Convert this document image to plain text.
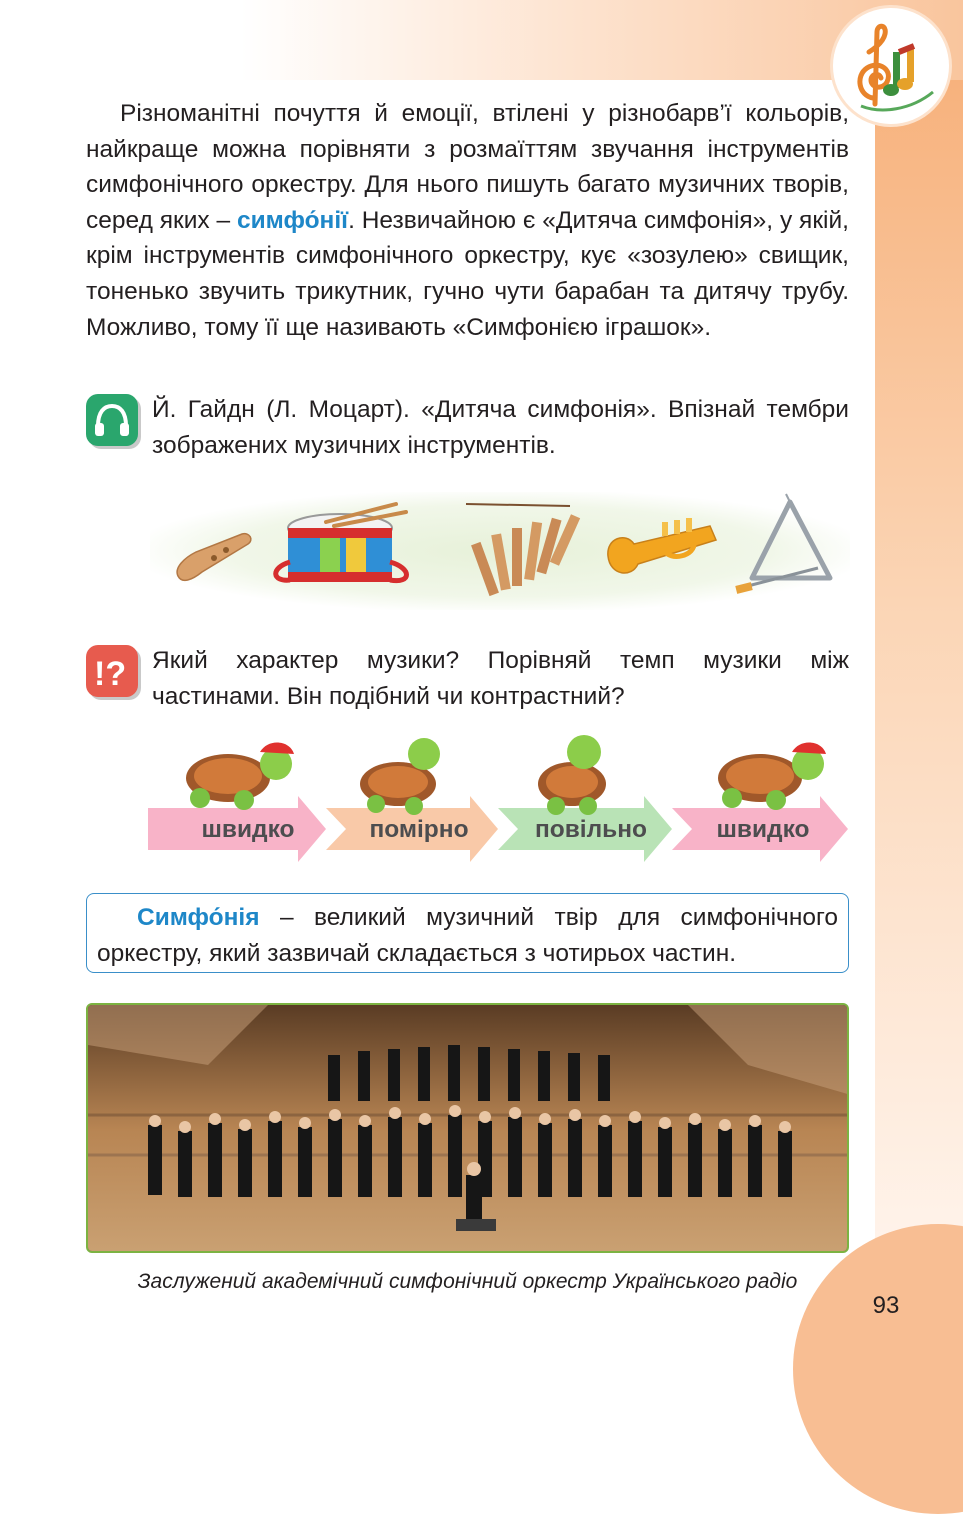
Різноманітні почуття й емоції, втілені у різнобарв’ї кольорів, найкраще можна порівняти з розмаїттям звучання інструментів симфонічного оркестру. Для нього пишуть багато музичних творів, серед яких – симфо́нії. Незвичайною є «Дитяча симфонія», у якій, крім інструментів симфонічного оркестру, кує «зозулею» свищик, тоненько звучить трикутник, гучно чути барабан та дитячу трубу. Можливо, тому її ще називають «Симфонією іграшок».

Й. Гайдн (Л. Моцарт). «Дитяча симфонія». Впізнай тембри зображених музичних інструментів.
!? Який характер музики? Порівняй темп музики між частинами. Він подібний чи контрастний?
швидко	помірно	повільно	швидко

Симфо́нія – великий музичний твір для симфонічного оркестру, який зазвичай складається з чотирьох частин.

Заслужений академічний симфонічний оркестр Українського радіо
93
